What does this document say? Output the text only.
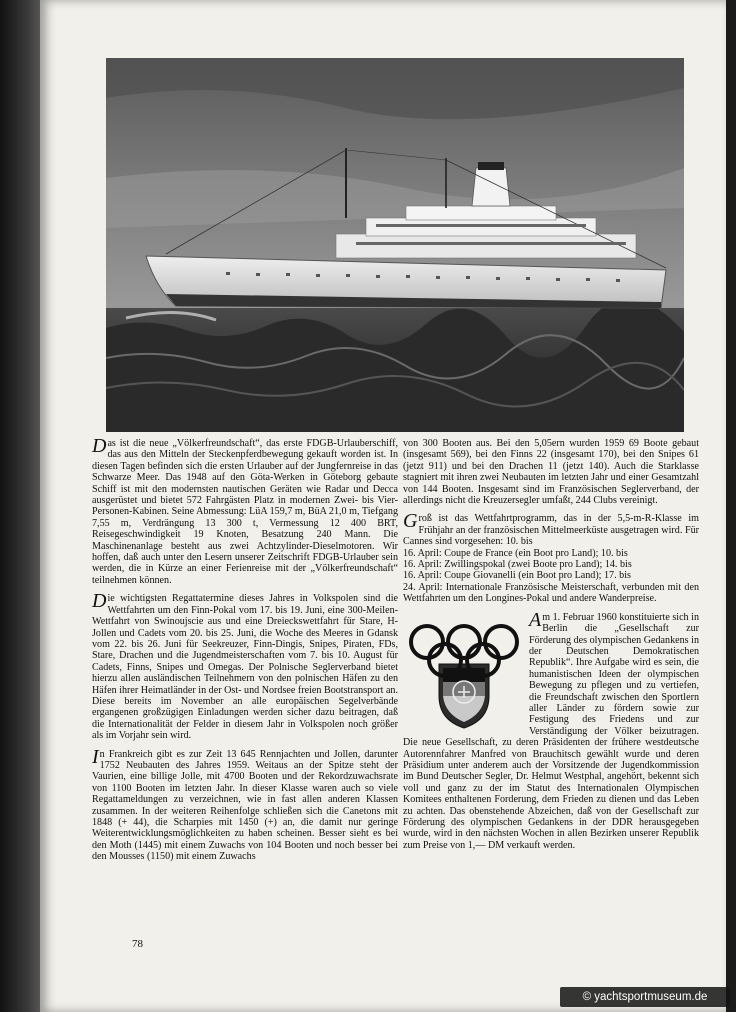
Das ist die neue „Völkerfreundschaft“, das erste FDGB-Urlauberschiff, das aus den Mitteln der Steckenpferdbewegung gekauft worden ist. In diesen Tagen befinden sich die ersten Urlauber auf der Jungfernreise in das Schwarze Meer. Das 1948 auf den Göta-Werken in Göteborg gebaute Schiff ist mit den modernsten nautischen Geräten wie Radar und Decca ausgerüstet und bietet 572 Fahrgästen Platz in modernen Zwei- bis Vier-Personen-Kabinen. Seine Abmessung: LüA 159,7 m, BüA 21,0 m, Tiefgang 7,55 m, Verdrängung 13 300 t, Vermessung 12 400 BRT, Reisegeschwindigkeit 19 Knoten, Besatzung 240 Mann. Die Maschinenanlage besteht aus zwei Achtzylinder-Dieselmotoren. Wir hoffen, daß auch unter den Lesern unserer Zeitschrift FDGB-Urlauber sein werden, die in Kürze an einer Ferienreise mit der „Völkerfreundschaft“ teilnehmen können.

Die wichtigsten Regattatermine dieses Jahres in Volkspolen sind die Wettfahrten um den Finn-Pokal vom 17. bis 19. Juni, eine 300-Meilen-Wettfahrt von Swinoujscie aus und eine Dreieckswettfahrt für Stare, H-Jollen und Cadets vom 20. bis 25. Juni, die Woche des Meeres in Gdansk vom 22. bis 26. Juni für Seekreuzer, Finn-Dingis, Snipes, Piraten, FDs, Stare, Drachen und die Jugendmeisterschaften vom 7. bis 10. August für Cadets, Finns, Snipes und Omegas. Der Polnische Seglerverband bietet hierzu allen ausländischen Teilnehmern von den polnischen Häfen zu den Häfen ihrer Heimatländer in der Ost- und Nordsee freien Bootstransport an. Diese bereits im November an alle europäischen Segelverbände ergangenen großzügigen Einladungen werden sicher dazu beitragen, daß die Internationalität der Felder in diesem Jahr in Volkspolen noch größer als im Vorjahr sein wird.

In Frankreich gibt es zur Zeit 13 645 Rennjachten und Jollen, darunter 1752 Neubauten des Jahres 1959. Weitaus an der Spitze steht der Vaurien, eine billige Jolle, mit 4700 Booten und der Rekordzuwachsrate von 1100 Booten im letzten Jahr. In dieser Klasse waren auch so viele Regattameldungen zu verzeichnen, wie in fast allen anderen Klassen zusammen. In der weiteren Reihenfolge schließen sich die Canetons mit 1848 (+ 44), die Scharpies mit 1450 (+) an, die damit nur geringe Weiterentwicklungsmöglichkeiten zu haben scheinen. Besser sieht es bei den Moth (1445) mit einem Zuwachs von 104 Booten und noch besser bei den Mousses (1150) mit einem Zuwachs

von 300 Booten aus. Bei den 5,05ern wurden 1959 69 Boote gebaut (insgesamt 569), bei den Finns 22 (insgesamt 170), bei den Snipes 61 (jetzt 911) und bei den Drachen 11 (jetzt 140). Auch die Starklasse stagniert mit ihren zwei Neubauten im letzten Jahr und einer Gesamtzahl von 144 Booten. Insgesamt sind im Französischen Seglerverband, der allerdings nicht die Kreuzersegler umfaßt, 244 Clubs vereinigt.

Groß ist das Wettfahrtprogramm, das in der 5,5-m-R-Klasse im Frühjahr an der französischen Mittelmeerküste ausgetragen wird. Für Cannes sind vorgesehen: 10. bis

16. April: Coupe de France (ein Boot pro Land); 10. bis
16. April: Zwillingspokal (zwei Boote pro Land); 14. bis
16. April: Coupe Giovanelli (ein Boot pro Land); 17. bis
24. April: Internationale Französische Meisterschaft, verbunden mit den Wettfahrten um den Longines-Pokal und andere Wanderpreise.

Am 1. Februar 1960 konstituierte sich in Berlin die „Gesellschaft zur Förderung des olympischen Gedankens in der Deutschen Demokratischen Republik“. Ihre Aufgabe wird es sein, die humanistischen Ideen der olympischen Bewegung zu pflegen und zu vertiefen, die Freundschaft zwischen den Sportlern aller Länder zu fördern sowie zur Festigung des Friedens und zur Verständigung der Völker beizutragen. Die neue Gesellschaft, zu deren Präsidenten der frühere westdeutsche Autorennfahrer Manfred von Brauchitsch gewählt wurde und deren Präsidium unter anderem auch der Vorsitzende der Jugendkommission im Bund Deutscher Segler, Dr. Helmut Westphal, angehört, bekennt sich voll und ganz zu der im Statut des Internationalen Olympischen Komitees enthaltenen Forderung, dem Frieden zu dienen und das Leben zu achten. Das obenstehende Abzeichen, daß von der Gesellschaft zur Förderung des olympischen Gedankens in der DDR herausgegeben wurde, wird in den nächsten Wochen in allen Bezirken unserer Republik zum Preise von 1,— DM verkauft werden.

78
© yachtsportmuseum.de
